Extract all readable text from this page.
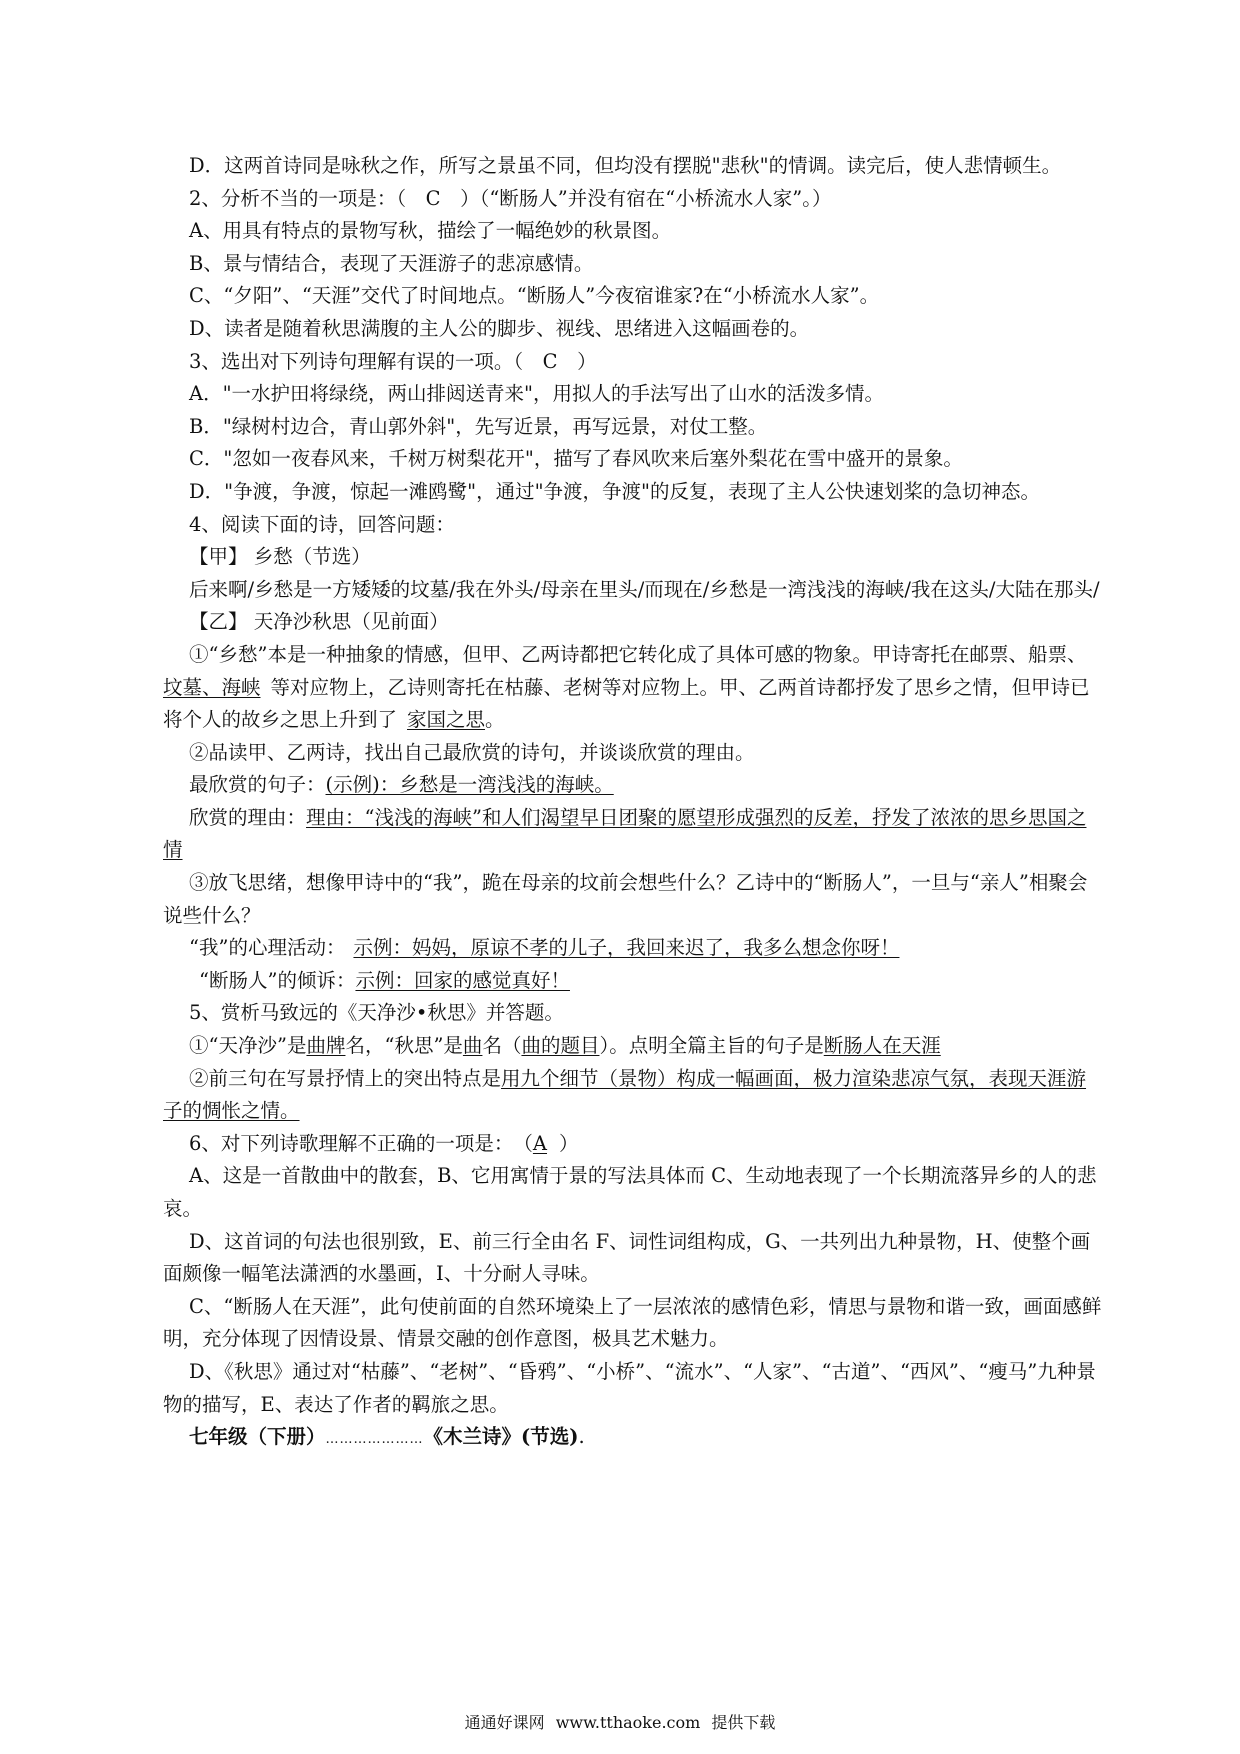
D．这两首诗同是咏秋之作，所写之景虽不同，但均没有摆脱"悲秋"的情调。读完后，使人悲情顿生。

2、分析不当的一项是：（　C　）（“断肠人”并没有宿在“小桥流水人家”。）

A、用具有特点的景物写秋，描绘了一幅绝妙的秋景图。

B、景与情结合，表现了天涯游子的悲凉感情。

C、“夕阳”、“天涯”交代了时间地点。“断肠人”今夜宿谁家?在“小桥流水人家”。

D、读者是随着秋思满腹的主人公的脚步、视线、思绪进入这幅画卷的。

3、选出对下列诗句理解有误的一项。（　C　）

A．"一水护田将绿绕，两山排闼送青来"，用拟人的手法写出了山水的活泼多情。

B．"绿树村边合，青山郭外斜"，先写近景，再写远景，对仗工整。

C．"忽如一夜春风来，千树万树梨花开"，描写了春风吹来后塞外梨花在雪中盛开的景象。

D．"争渡，争渡，惊起一滩鸥鹭"，通过"争渡，争渡"的反复，表现了主人公快速划桨的急切神态。

4、阅读下面的诗，回答问题：

【甲】 乡愁（节选）

后来啊/乡愁是一方矮矮的坟墓/我在外头/母亲在里头/而现在/乡愁是一湾浅浅的海峡/我在这头/大陆在那头/

【乙】 天净沙秋思（见前面）

①“乡愁”本是一种抽象的情感，但甲、乙两诗都把它转化成了具体可感的物象。甲诗寄托在邮票、船票、坟墓、海峡 等对应物上，乙诗则寄托在枯藤、老树等对应物上。甲、乙两首诗都抒发了思乡之情，但甲诗已将个人的故乡之思上升到了 家国之思。

②品读甲、乙两诗，找出自己最欣赏的诗句，并谈谈欣赏的理由。

最欣赏的句子：(示例)：乡愁是一湾浅浅的海峡。

欣赏的理由：理由：“浅浅的海峡”和人们渴望早日团聚的愿望形成强烈的反差，抒发了浓浓的思乡思国之情

③放飞思绪，想像甲诗中的“我”，跪在母亲的坟前会想些什么？乙诗中的“断肠人”，一旦与“亲人”相聚会说些什么？

“我”的心理活动： 示例：妈妈，原谅不孝的儿子，我回来迟了，我多么想念你呀！

“断肠人”的倾诉：示例：回家的感觉真好！

5、赏析马致远的《天净沙•秋思》并答题。

①“天净沙”是曲牌名，“秋思”是曲名（曲的题目）。点明全篇主旨的句子是断肠人在天涯

②前三句在写景抒情上的突出特点是用九个细节（景物）构成一幅画面，极力渲染悲凉气氛，表现天涯游子的惆怅之情。

6、对下列诗歌理解不正确的一项是：　（A ）

A、这是一首散曲中的散套，B、它用寓情于景的写法具体而 C、生动地表现了一个长期流落异乡的人的悲哀。

D、这首词的句法也很别致，E、前三行全由名 F、词性词组构成，G、一共列出九种景物，H、使整个画面颇像一幅笔法潇洒的水墨画，I、十分耐人寻味。

C、“断肠人在天涯”，此句使前面的自然环境染上了一层浓浓的感情色彩，情思与景物和谐一致，画面感鲜明，充分体现了因情设景、情景交融的创作意图，极具艺术魅力。

D、《秋思》通过对“枯藤”、“老树”、“昏鸦”、“小桥”、“流水”、“人家”、“古道”、“西风”、“瘦马”九种景物的描写，E、表达了作者的羁旅之思。

七年级（下册）…………………《木兰诗》(节选).

通通好课网 www.tthaoke.com 提供下载
